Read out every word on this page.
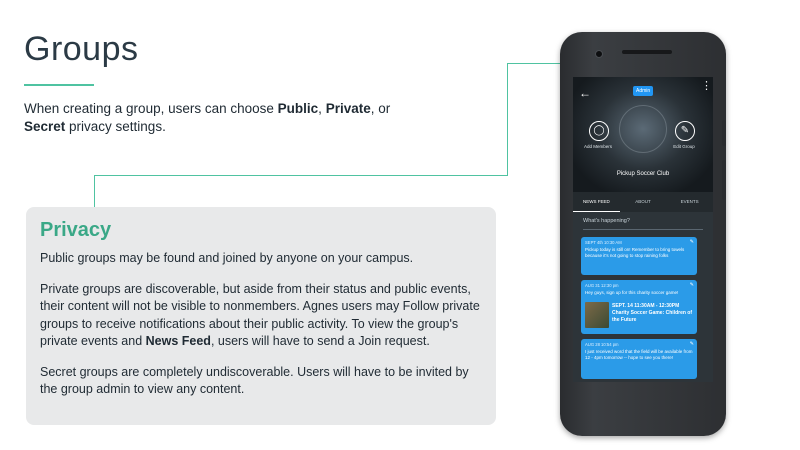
Groups
When creating a group, users can choose Public, Private, or
Secret privacy settings.
Privacy

Public groups may be found and joined by anyone on your campus.

Private groups are discoverable, but aside from their status and public events, their content will not be visible to nonmembers. Agnes users may Follow private groups to receive notifications about their public activity. To view the group's private events and News Feed, users will have to send a Join request.

Secret groups are completely undiscoverable. Users will have to be invited by the group admin to view any content.

←	Admin	⋮
◯
Add Members
✎
Edit Group
Pickup Soccer Club
NEWS FEED	ABOUT	EVENTS
What's happening?
✎
SEPT 4th 10:30 AM
Pickup today is still on! Remember to bring towels because it's not going to stop raining folks
✎
AUG 31 12:30 pm
Hey guys, sign up for this charity soccer game!
SEPT. 14 11:30AM - 12:30PM
Charity Soccer Game: Children of the Future
✎
AUG 28 10:54 pm
I just received word that the field will be available from 12 - 4pm tomorrow -- hope to see you there!
